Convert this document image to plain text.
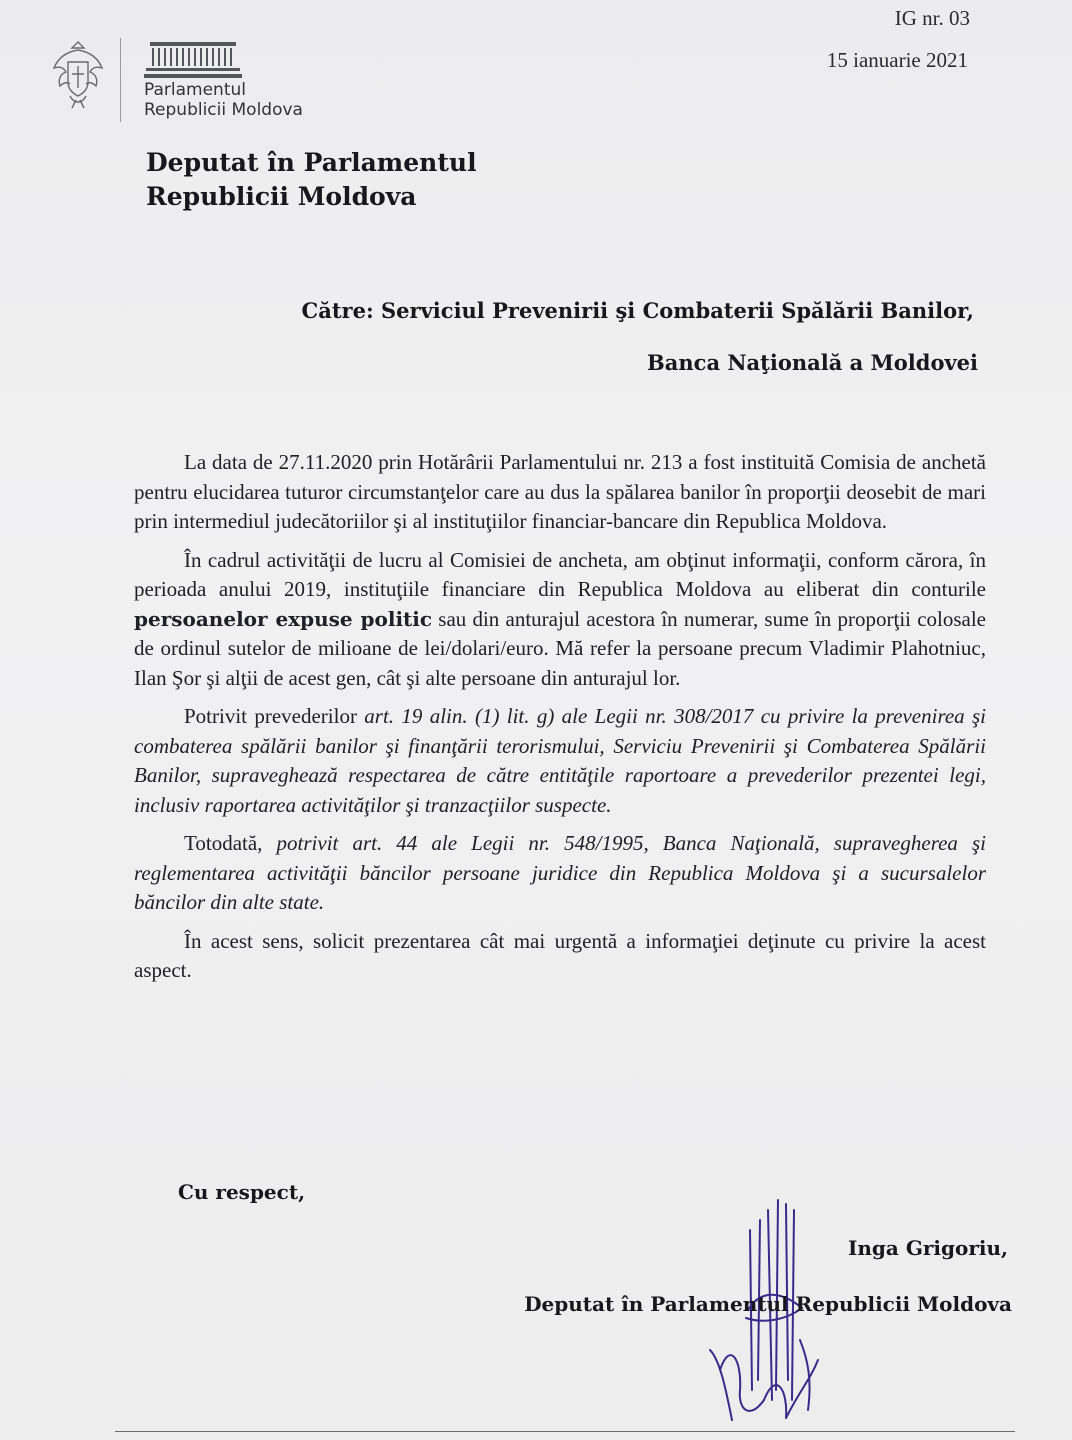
IG nr. 03
15 ianuarie 2021
Parlamentul
Republicii Moldova
Deputat în Parlamentul
Republicii Moldova
Către: Serviciul Prevenirii şi Combaterii Spălării Banilor,
Banca Naţională a Moldovei

La data de 27.11.2020 prin Hotărârii Parlamentului nr. 213 a fost instituită Comisia de anchetă pentru elucidarea tuturor circumstanţelor care au dus la spălarea banilor în proporţii deosebit de mari prin intermediul judecătoriilor şi al instituţiilor financiar-bancare din Republica Moldova.

În cadrul activităţii de lucru al Comisiei de ancheta, am obţinut informaţii, conform cărora, în perioada anului 2019, instituţiile financiare din Republica Moldova au eliberat din conturile persoanelor expuse politic sau din anturajul acestora în numerar, sume în proporţii colosale de ordinul sutelor de milioane de lei/dolari/euro. Mă refer la persoane precum Vladimir Plahotniuc, Ilan Şor şi alţii de acest gen, cât şi alte persoane din anturajul lor.

Potrivit prevederilor art. 19 alin. (1) lit. g) ale Legii nr. 308/2017 cu privire la prevenirea şi combaterea spălării banilor şi finanţării terorismului, Serviciu Prevenirii şi Combaterea Spălării Banilor, supraveghează respectarea de către entităţile raportoare a prevederilor prezentei legi, inclusiv raportarea activităţilor şi tranzacţiilor suspecte.

Totodată, potrivit art. 44 ale Legii nr. 548/1995, Banca Naţională, supravegherea şi reglementarea activităţii băncilor persoane juridice din Republica Moldova şi a sucursalelor băncilor din alte state.

În acest sens, solicit prezentarea cât mai urgentă a informaţiei deţinute cu privire la acest aspect.

Cu respect,
Inga Grigoriu,
Deputat în Parlamentul Republicii Moldova
